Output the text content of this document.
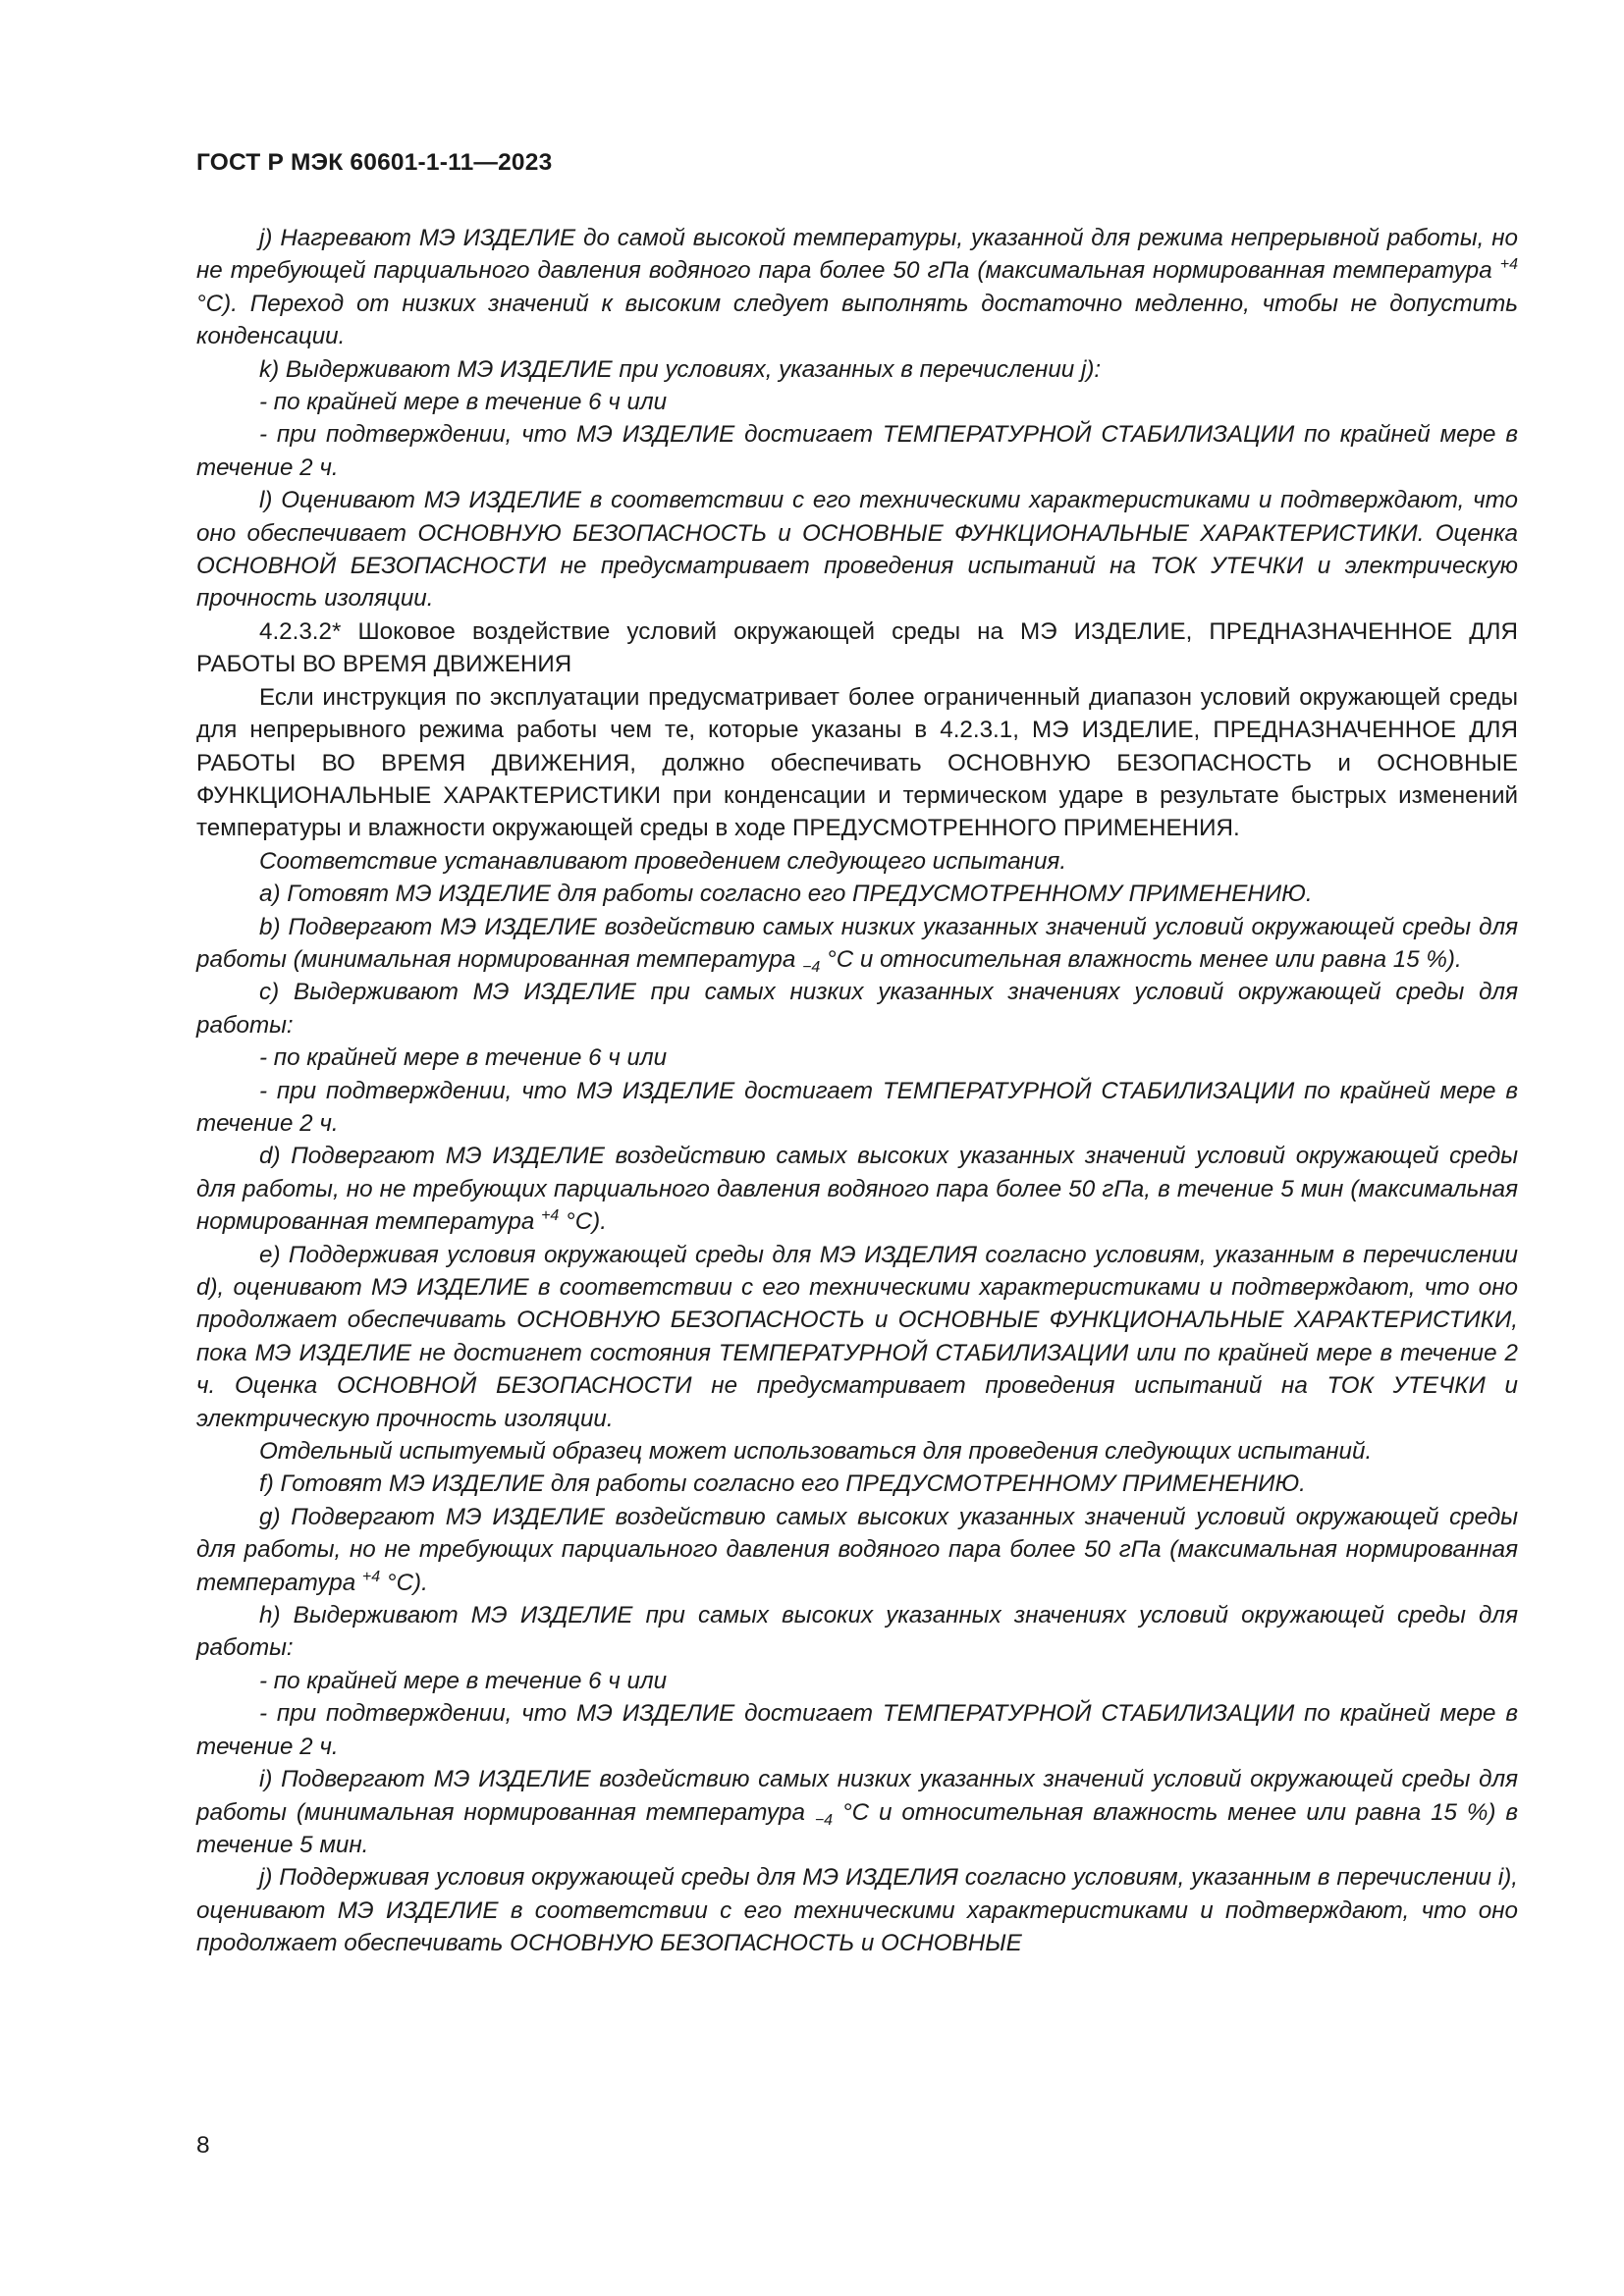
ГОСТ Р МЭК 60601-1-11—2023

j) Нагревают МЭ ИЗДЕЛИЕ до самой высокой температуры, указанной для режима непрерывной работы, но не требующей парциального давления водяного пара более 50 гПа (максимальная нормированная температура $^{+4}$ °С). Переход от низких значений к высоким следует выполнять достаточно медленно, чтобы не допустить конденсации.

k) Выдерживают МЭ ИЗДЕЛИЕ при условиях, указанных в перечислении j):

- по крайней мере в течение 6 ч или

- при подтверждении, что МЭ ИЗДЕЛИЕ достигает ТЕМПЕРАТУРНОЙ СТАБИЛИЗАЦИИ по крайней мере в течение 2 ч.

l) Оценивают МЭ ИЗДЕЛИЕ в соответствии с его техническими характеристиками и подтверждают, что оно обеспечивает ОСНОВНУЮ БЕЗОПАСНОСТЬ и ОСНОВНЫЕ ФУНКЦИОНАЛЬНЫЕ ХАРАКТЕРИСТИКИ. Оценка ОСНОВНОЙ БЕЗОПАСНОСТИ не предусматривает проведения испытаний на ТОК УТЕЧКИ и электрическую прочность изоляции.

4.2.3.2* Шоковое воздействие условий окружающей среды на МЭ ИЗДЕЛИЕ, ПРЕДНАЗНАЧЕННОЕ ДЛЯ РАБОТЫ ВО ВРЕМЯ ДВИЖЕНИЯ

Если инструкция по эксплуатации предусматривает более ограниченный диапазон условий окружающей среды для непрерывного режима работы чем те, которые указаны в 4.2.3.1, МЭ ИЗДЕЛИЕ, ПРЕДНАЗНАЧЕННОЕ ДЛЯ РАБОТЫ ВО ВРЕМЯ ДВИЖЕНИЯ, должно обеспечивать ОСНОВНУЮ БЕЗОПАСНОСТЬ и ОСНОВНЫЕ ФУНКЦИОНАЛЬНЫЕ ХАРАКТЕРИСТИКИ при конденсации и термическом ударе в результате быстрых изменений температуры и влажности окружающей среды в ходе ПРЕДУСМОТРЕННОГО ПРИМЕНЕНИЯ.

Соответствие устанавливают проведением следующего испытания.

a) Готовят МЭ ИЗДЕЛИЕ для работы согласно его ПРЕДУСМОТРЕННОМУ ПРИМЕНЕНИЮ.

b) Подвергают МЭ ИЗДЕЛИЕ воздействию самых низких указанных значений условий окружающей среды для работы (минимальная нормированная температура $_{-4}$ °С и относительная влажность менее или равна 15 %).

c) Выдерживают МЭ ИЗДЕЛИЕ при самых низких указанных значениях условий окружающей среды для работы:

- по крайней мере в течение 6 ч или

- при подтверждении, что МЭ ИЗДЕЛИЕ достигает ТЕМПЕРАТУРНОЙ СТАБИЛИЗАЦИИ по крайней мере в течение 2 ч.

d) Подвергают МЭ ИЗДЕЛИЕ воздействию самых высоких указанных значений условий окружающей среды для работы, но не требующих парциального давления водяного пара более 50 гПа, в течение 5 мин (максимальная нормированная температура $^{+4}$ °С).

e) Поддерживая условия окружающей среды для МЭ ИЗДЕЛИЯ согласно условиям, указанным в перечислении d), оценивают МЭ ИЗДЕЛИЕ в соответствии с его техническими характеристиками и подтверждают, что оно продолжает обеспечивать ОСНОВНУЮ БЕЗОПАСНОСТЬ и ОСНОВНЫЕ ФУНКЦИОНАЛЬНЫЕ ХАРАКТЕРИСТИКИ, пока МЭ ИЗДЕЛИЕ не достигнет состояния ТЕМПЕРАТУРНОЙ СТАБИЛИЗАЦИИ или по крайней мере в течение 2 ч. Оценка ОСНОВНОЙ БЕЗОПАСНОСТИ не предусматривает проведения испытаний на ТОК УТЕЧКИ и электрическую прочность изоляции.

Отдельный испытуемый образец может использоваться для проведения следующих испытаний.

f) Готовят МЭ ИЗДЕЛИЕ для работы согласно его ПРЕДУСМОТРЕННОМУ ПРИМЕНЕНИЮ.

g) Подвергают МЭ ИЗДЕЛИЕ воздействию самых высоких указанных значений условий окружающей среды для работы, но не требующих парциального давления водяного пара более 50 гПа (максимальная нормированная температура $^{+4}$ °С).

h) Выдерживают МЭ ИЗДЕЛИЕ при самых высоких указанных значениях условий окружающей среды для работы:

- по крайней мере в течение 6 ч или

- при подтверждении, что МЭ ИЗДЕЛИЕ достигает ТЕМПЕРАТУРНОЙ СТАБИЛИЗАЦИИ по крайней мере в течение 2 ч.

i) Подвергают МЭ ИЗДЕЛИЕ воздействию самых низких указанных значений условий окружающей среды для работы (минимальная нормированная температура $_{-4}$ °С и относительная влажность менее или равна 15 %) в течение 5 мин.

j) Поддерживая условия окружающей среды для МЭ ИЗДЕЛИЯ согласно условиям, указанным в перечислении i), оценивают МЭ ИЗДЕЛИЕ в соответствии с его техническими характеристиками и подтверждают, что оно продолжает обеспечивать ОСНОВНУЮ БЕЗОПАСНОСТЬ и ОСНОВНЫЕ

8
